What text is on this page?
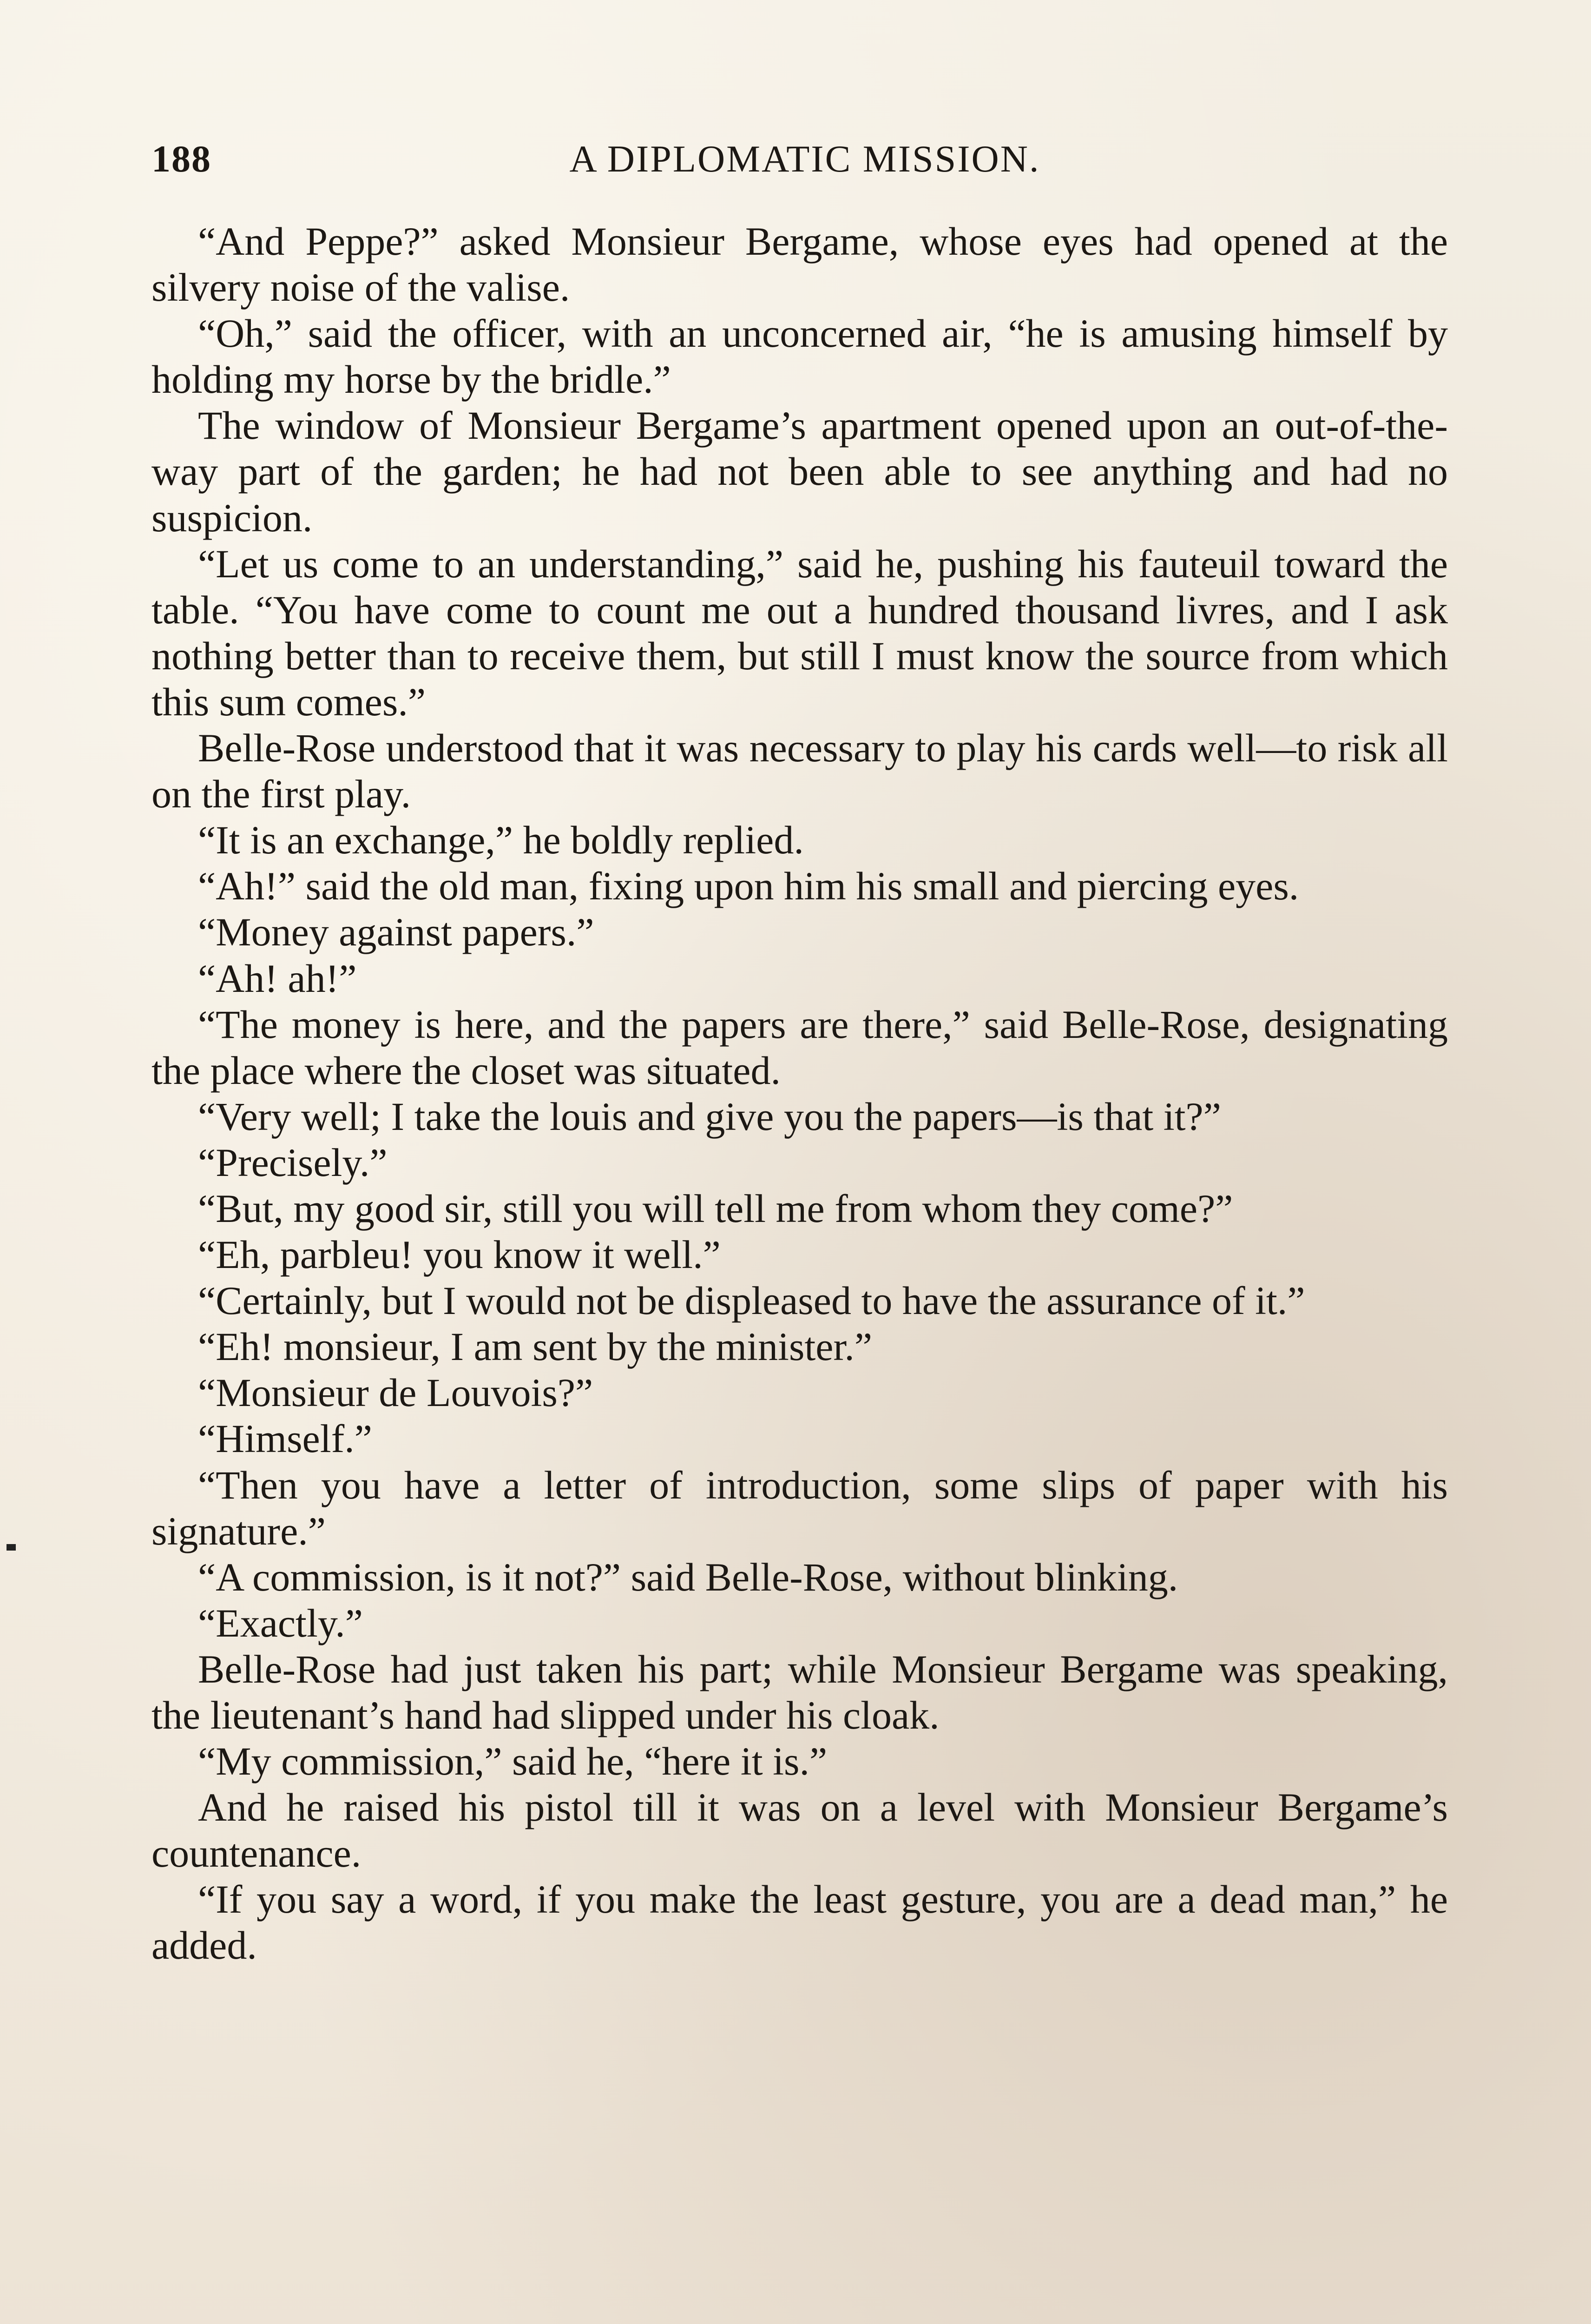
188	A DIPLOMATIC MISSION.

“And Peppe?” asked Monsieur Bergame, whose eyes had opened at the silvery noise of the valise.

“Oh,” said the officer, with an unconcerned air, “he is amusing himself by holding my horse by the bridle.”

The window of Monsieur Bergame’s apartment opened upon an out-of-the-way part of the garden; he had not been able to see anything and had no suspicion.

“Let us come to an understanding,” said he, pushing his fauteuil toward the table. “You have come to count me out a hundred thousand livres, and I ask nothing better than to receive them, but still I must know the source from which this sum comes.”

Belle-Rose understood that it was necessary to play his cards well—to risk all on the first play.

“It is an exchange,” he boldly replied.

“Ah!” said the old man, fixing upon him his small and piercing eyes.

“Money against papers.”

“Ah! ah!”

“The money is here, and the papers are there,” said Belle-Rose, designating the place where the closet was situated.

“Very well; I take the louis and give you the papers—is that it?”

“Precisely.”

“But, my good sir, still you will tell me from whom they come?”

“Eh, parbleu! you know it well.”

“Certainly, but I would not be displeased to have the assurance of it.”

“Eh! monsieur, I am sent by the minister.”

“Monsieur de Louvois?”

“Himself.”

“Then you have a letter of introduction, some slips of paper with his signature.”

“A commission, is it not?” said Belle-Rose, without blinking.

“Exactly.”

Belle-Rose had just taken his part; while Monsieur Bergame was speaking, the lieutenant’s hand had slipped under his cloak.

“My commission,” said he, “here it is.”

And he raised his pistol till it was on a level with Monsieur Bergame’s countenance.

“If you say a word, if you make the least gesture, you are a dead man,” he added.
